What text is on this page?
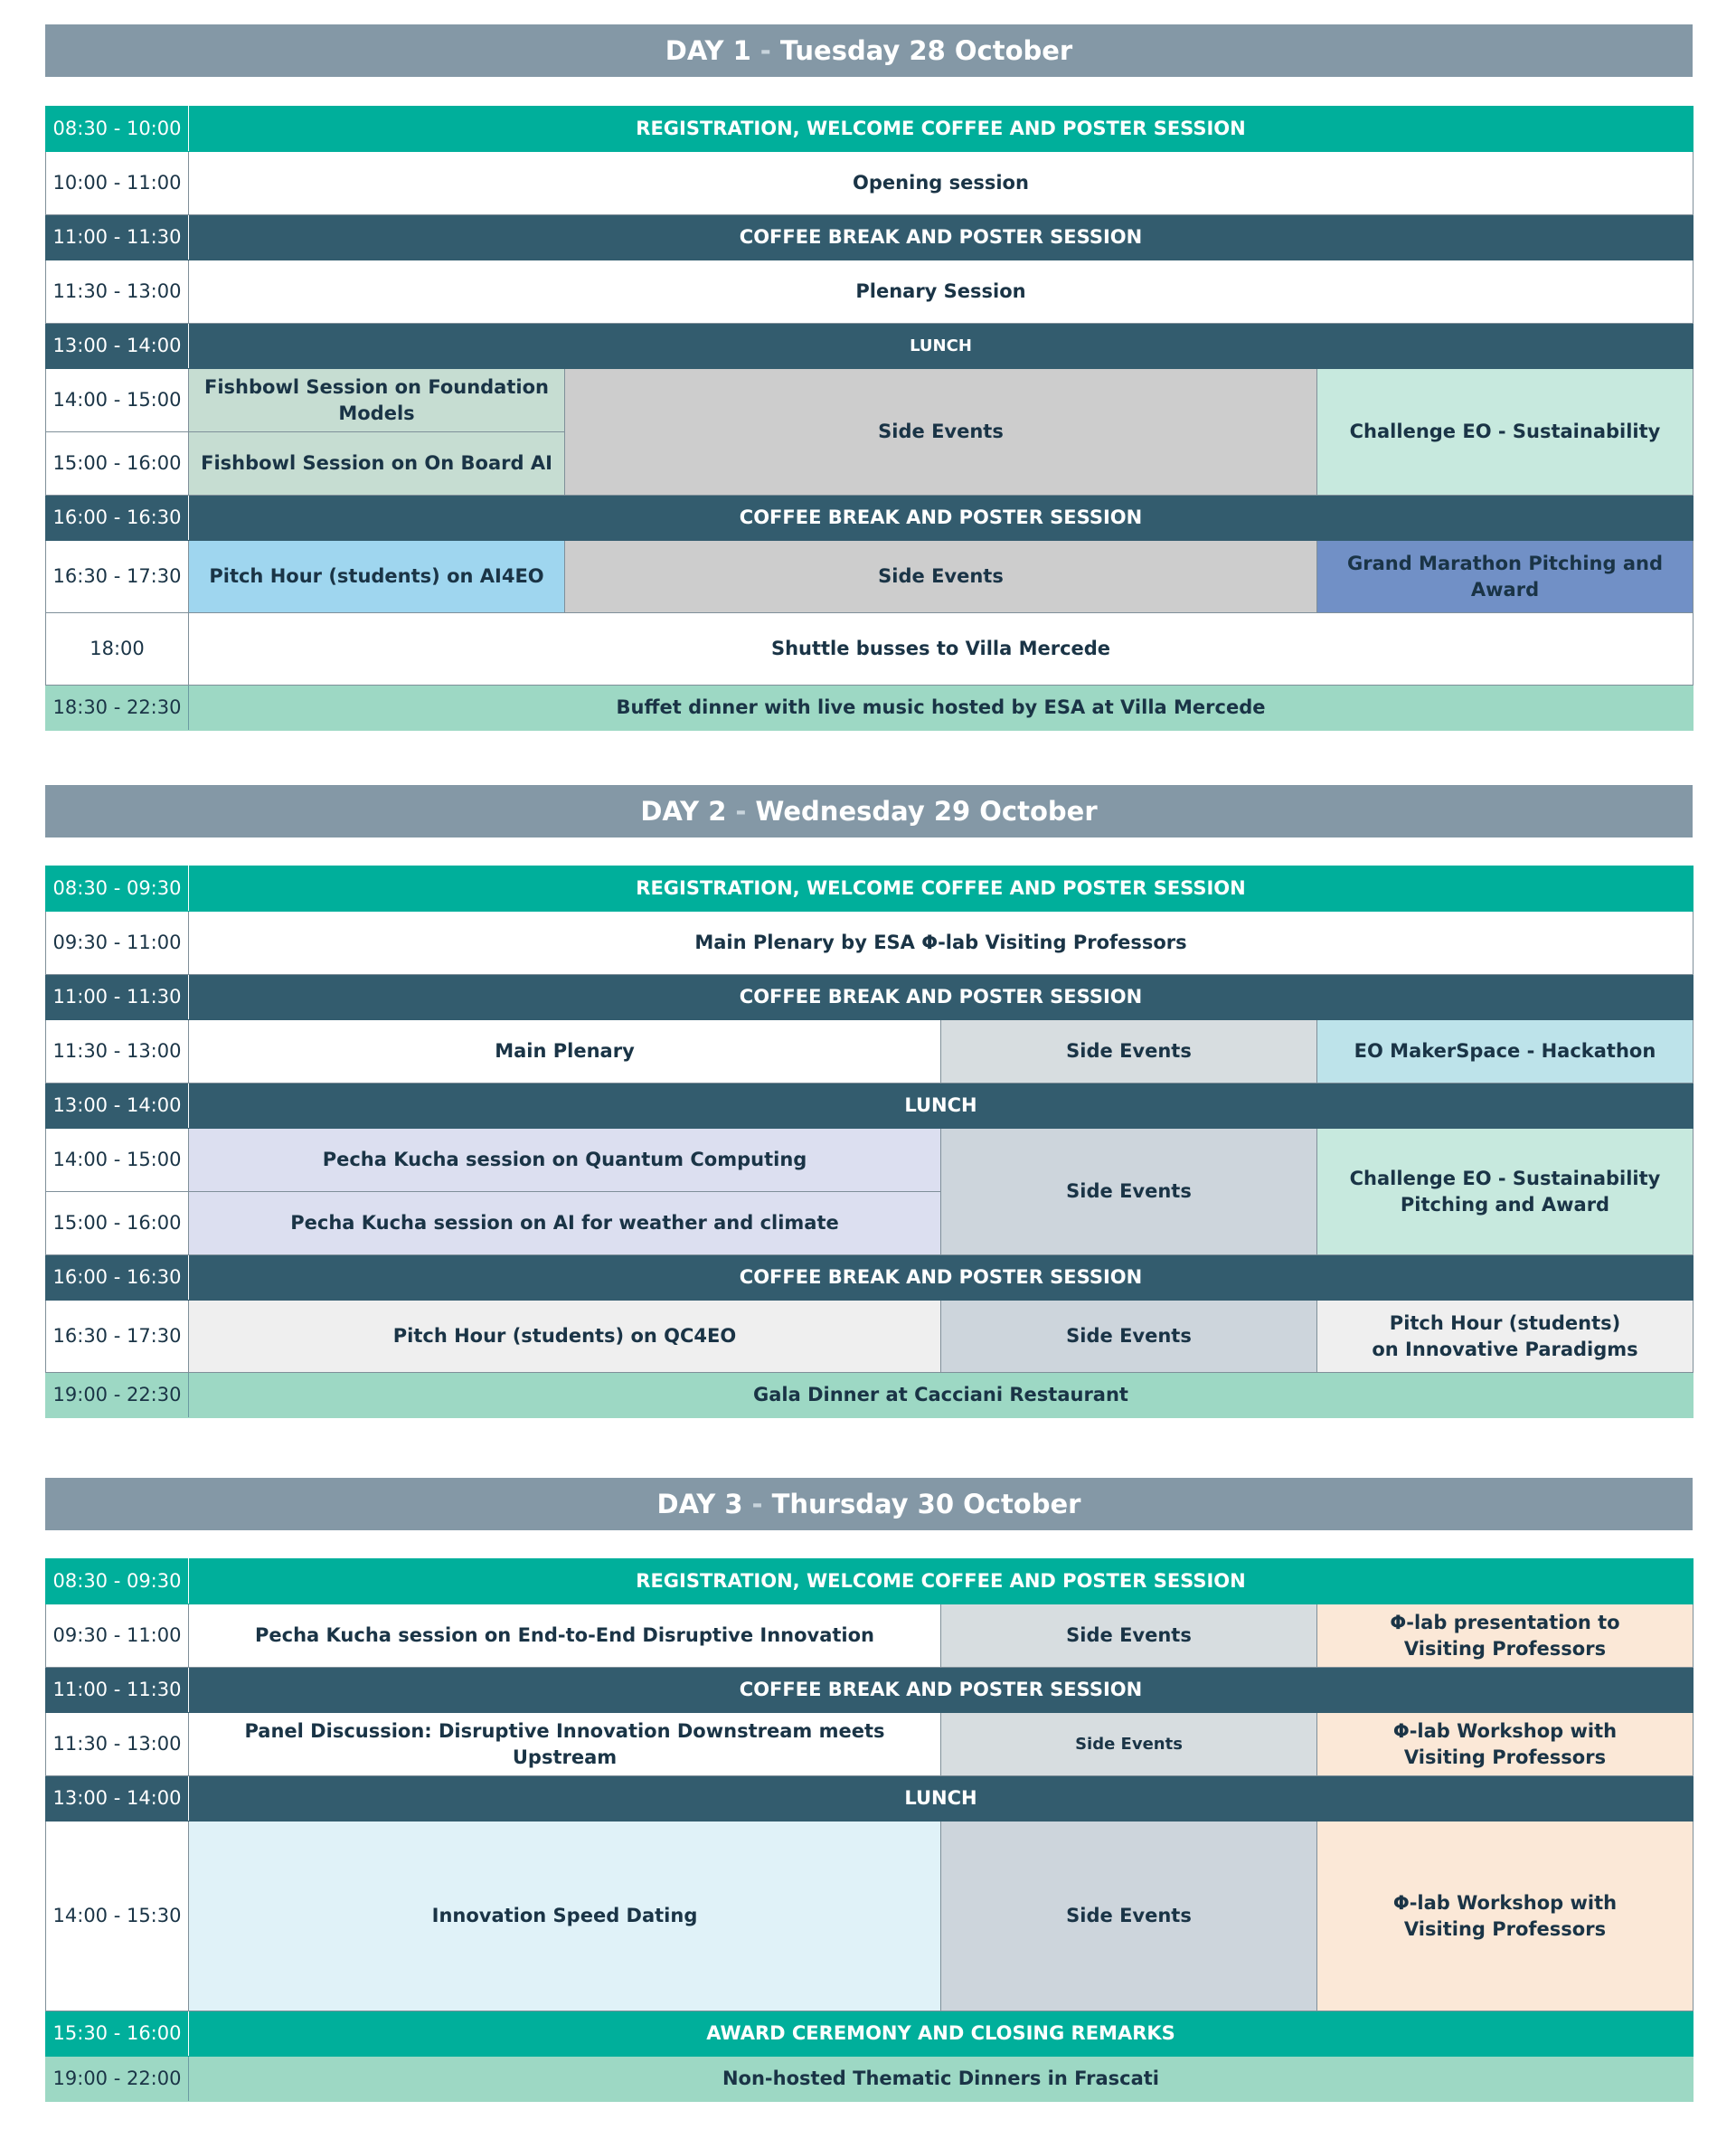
DAY 1 - Tuesday 28 October
08:30 - 10:00	REGISTRATION, WELCOME COFFEE AND POSTER SESSION		
10:00 - 11:00	Opening session		
11:00 - 11:30	COFFEE BREAK AND POSTER SESSION		
11:30 - 13:00	Plenary Session		
13:00 - 14:00	LUNCH		
14:00 - 15:00	Fishbowl Session on Foundation Models	Side Events	Challenge EO - Sustainability
15:00 - 16:00	Fishbowl Session on On Board AI		
16:00 - 16:30	COFFEE BREAK AND POSTER SESSION		
16:30 - 17:30	Pitch Hour (students) on AI4EO	Side Events	Grand Marathon Pitching and Award
18:00	Shuttle busses to Villa Mercede		
18:30 - 22:30	Buffet dinner with live music hosted by ESA at Villa Mercede		
DAY 2 - Wednesday 29 October
08:30 - 09:30	REGISTRATION, WELCOME COFFEE AND POSTER SESSION		
09:30 - 11:00	Main Plenary by ESA Φ-lab Visiting Professors		
11:00 - 11:30	COFFEE BREAK AND POSTER SESSION		
11:30 - 13:00	Main Plenary	Side Events	EO MakerSpace - Hackathon
13:00 - 14:00	LUNCH		
14:00 - 15:00	Pecha Kucha session on Quantum Computing	Side Events	Challenge EO - Sustainability Pitching and Award
15:00 - 16:00	Pecha Kucha session on AI for weather and climate		
16:00 - 16:30	COFFEE BREAK AND POSTER SESSION		
16:30 - 17:30	Pitch Hour (students) on QC4EO	Side Events	Pitch Hour (students)
on Innovative Paradigms

19:00 - 22:30	Gala Dinner at Cacciani Restaurant		
DAY 3 - Thursday 30 October
08:30 - 09:30	REGISTRATION, WELCOME COFFEE AND POSTER SESSION		
09:30 - 11:00	Pecha Kucha session on End-to-End Disruptive Innovation	Side Events	Φ-lab presentation to
Visiting Professors

11:00 - 11:30	COFFEE BREAK AND POSTER SESSION		
11:30 - 13:00	Panel Discussion: Disruptive Innovation Downstream meets Upstream	Side Events	Φ-lab Workshop with
Visiting Professors

13:00 - 14:00	LUNCH		
14:00 - 15:30	Innovation Speed Dating	Side Events	Φ-lab Workshop with
Visiting Professors

15:30 - 16:00	AWARD CEREMONY AND CLOSING REMARKS		
19:00 - 22:00	Non-hosted Thematic Dinners in Frascati		
